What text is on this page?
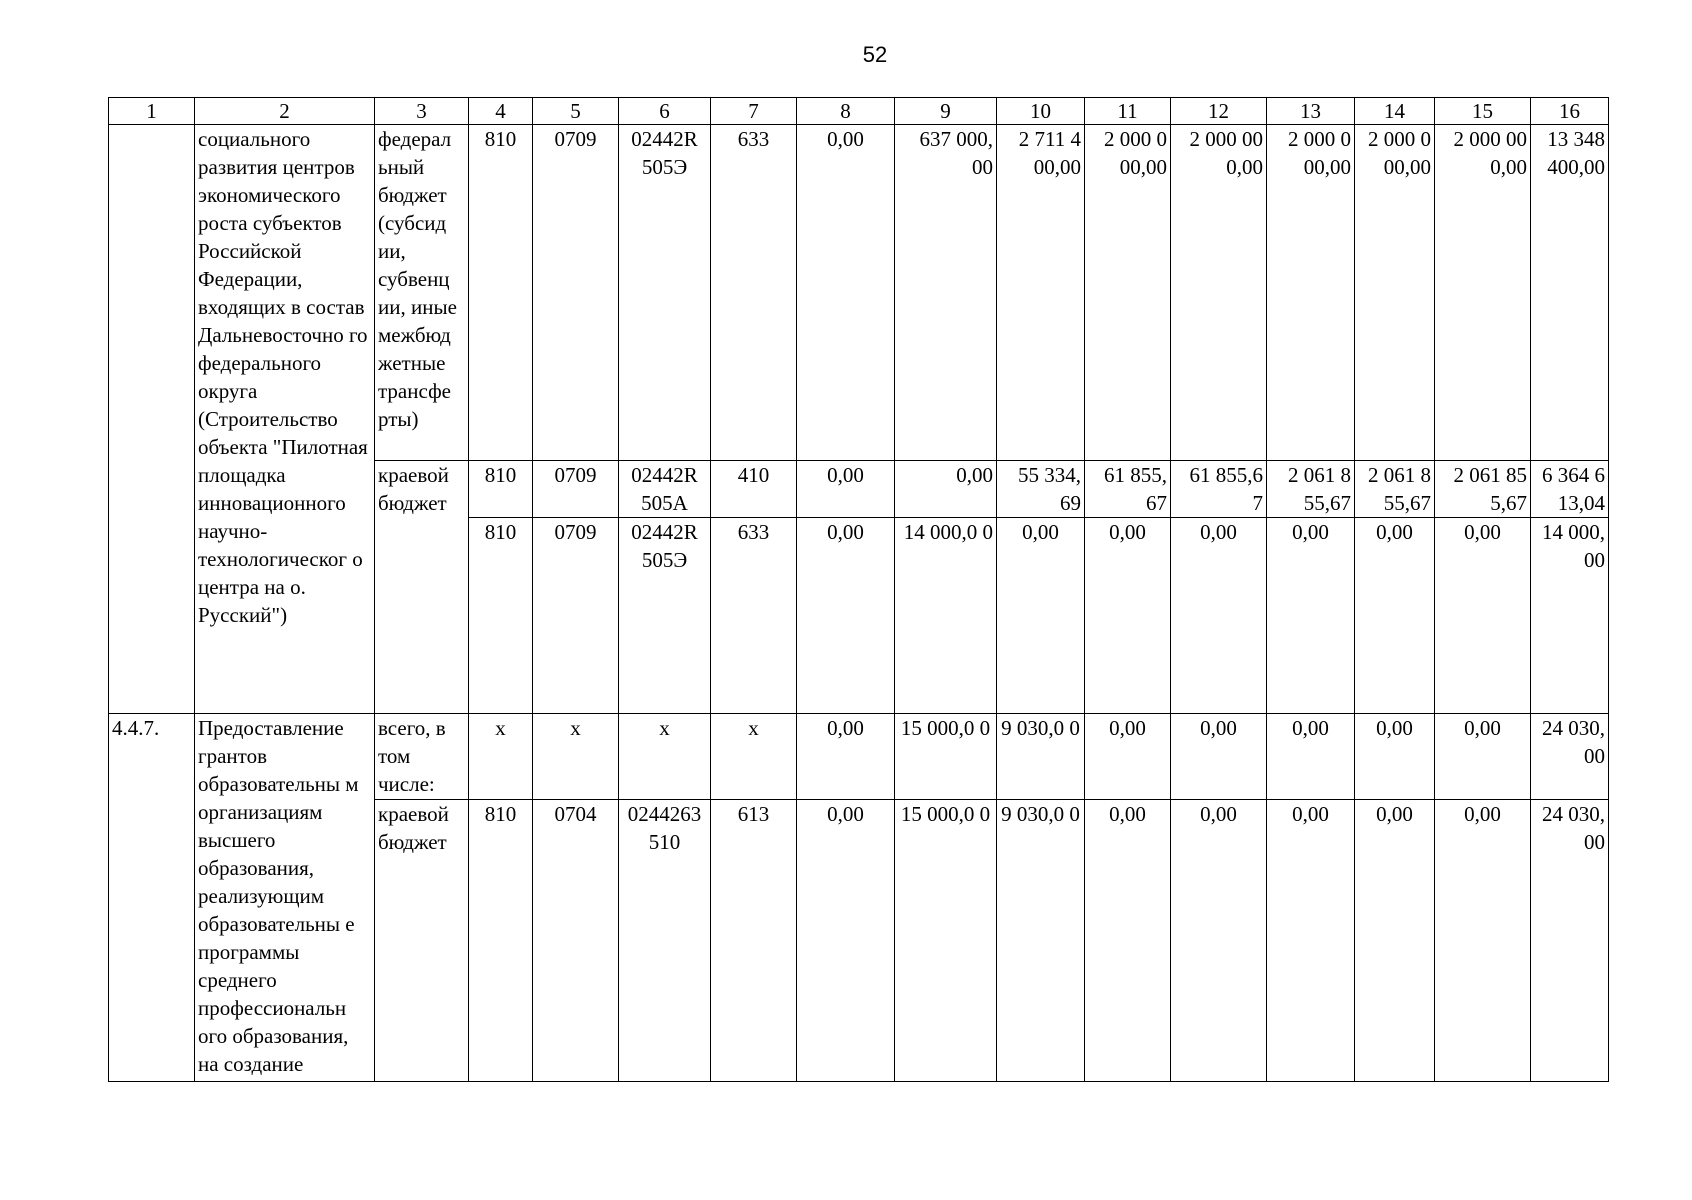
52
1	2	3	4	5	6	7	8	9	10	11	12	13	14	15	16
	социального развития центров экономического роста субъектов Российской Федерации, входящих в состав Дальневосточно го федерального округа (Строительство объекта "Пилотная площадка инновационного научно-технологическог о центра на о. Русский")	федерал ьный бюджет (субсид ии, субвенц ии, иные межбюд жетные трансфе рты)	810	0709	02442R 505Э	633	0,00	637 000, 00	2 711 4 00,00	2 000 0 00,00	2 000 00 0,00	2 000 0 00,00	2 000 0 00,00	2 000 00 0,00	13 348 400,00
		краевой бюджет	810	0709	02442R 505А	410	0,00	0,00	55 334, 69	61 855, 67	61 855,6 7	2 061 8 55,67	2 061 8 55,67	2 061 85 5,67	6 364 6 13,04
			810	0709	02442R 505Э	633	0,00	14 000,0 0	0,00	0,00	0,00	0,00	0,00	0,00	14 000, 00
4.4.7.	Предоставление грантов образовательны м организациям высшего образования, реализующим образовательны е программы среднего профессиональн ого образования, на создание	всего, в том числе:	х	х	х	х	0,00	15 000,0 0	9 030,0 0	0,00	0,00	0,00	0,00	0,00	24 030, 00
		краевой бюджет	810	0704	0244263 510	613	0,00	15 000,0 0	9 030,0 0	0,00	0,00	0,00	0,00	0,00	24 030, 00
